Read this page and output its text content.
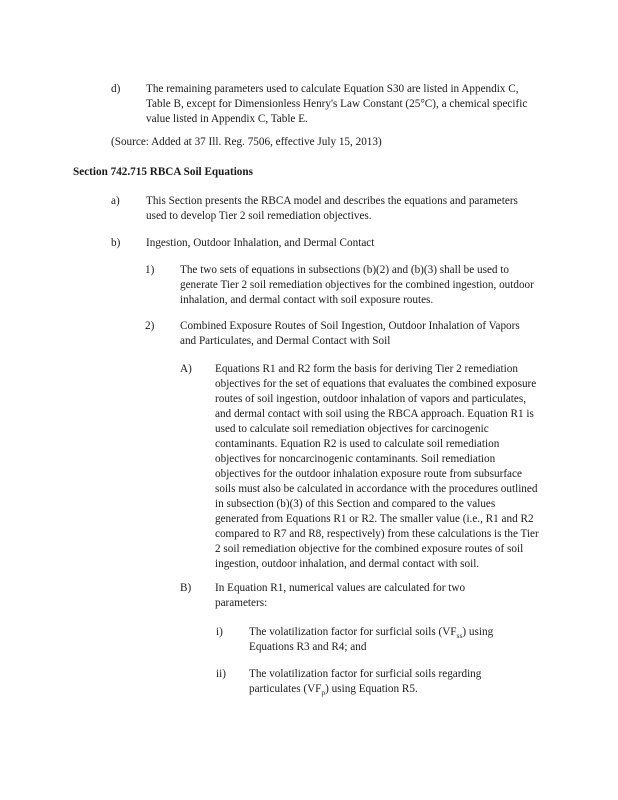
d) The remaining parameters used to calculate Equation S30 are listed in Appendix C, Table B, except for Dimensionless Henry's Law Constant (25°C), a chemical specific value listed in Appendix C, Table E.
(Source: Added at 37 Ill. Reg. 7506, effective July 15, 2013)
Section 742.715 RBCA Soil Equations
a) This Section presents the RBCA model and describes the equations and parameters used to develop Tier 2 soil remediation objectives.
b) Ingestion, Outdoor Inhalation, and Dermal Contact
1) The two sets of equations in subsections (b)(2) and (b)(3) shall be used to generate Tier 2 soil remediation objectives for the combined ingestion, outdoor inhalation, and dermal contact with soil exposure routes.
2) Combined Exposure Routes of Soil Ingestion, Outdoor Inhalation of Vapors and Particulates, and Dermal Contact with Soil
A) Equations R1 and R2 form the basis for deriving Tier 2 remediation objectives for the set of equations that evaluates the combined exposure routes of soil ingestion, outdoor inhalation of vapors and particulates, and dermal contact with soil using the RBCA approach. Equation R1 is used to calculate soil remediation objectives for carcinogenic contaminants. Equation R2 is used to calculate soil remediation objectives for noncarcinogenic contaminants. Soil remediation objectives for the outdoor inhalation exposure route from subsurface soils must also be calculated in accordance with the procedures outlined in subsection (b)(3) of this Section and compared to the values generated from Equations R1 or R2. The smaller value (i.e., R1 and R2 compared to R7 and R8, respectively) from these calculations is the Tier 2 soil remediation objective for the combined exposure routes of soil ingestion, outdoor inhalation, and dermal contact with soil.
B) In Equation R1, numerical values are calculated for two parameters:
i) The volatilization factor for surficial soils $(VF_{ss})$ using Equations R3 and R4; and
ii) The volatilization factor for surficial soils regarding particulates $(VF_p)$ using Equation R5.
